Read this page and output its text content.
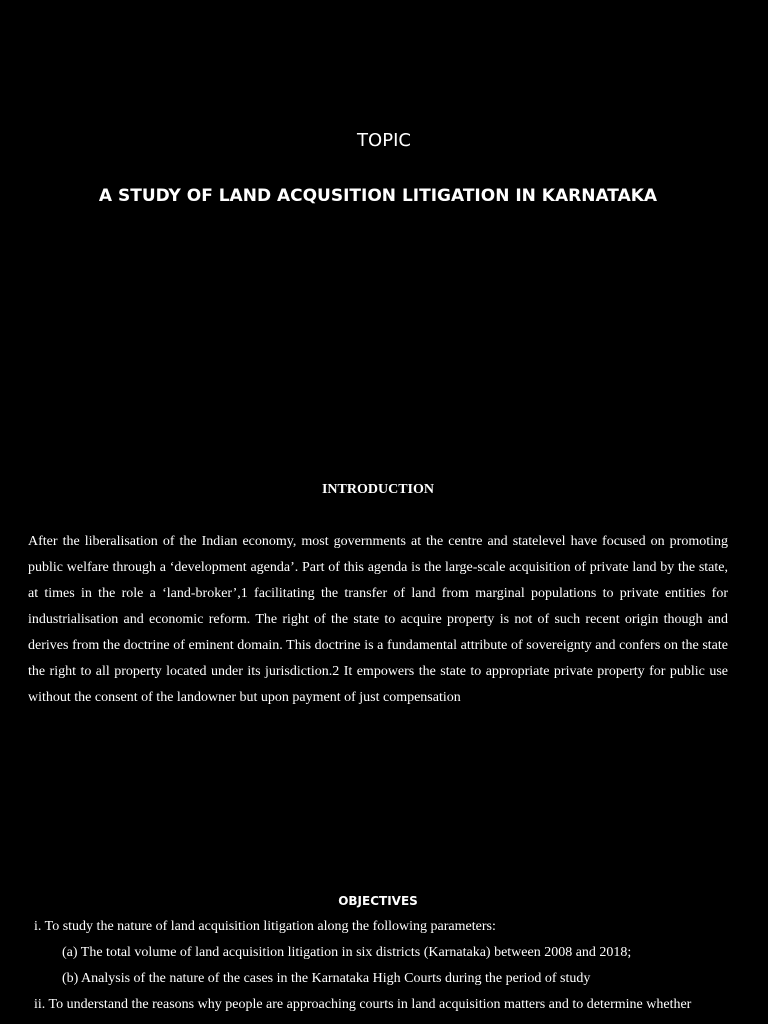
TOPIC
A STUDY OF LAND ACQUSITION LITIGATION IN KARNATAKA
INTRODUCTION

After the liberalisation of the Indian economy, most governments at the centre and statelevel have focused on promoting public welfare through a ‘development agenda’. Part of this agenda is the large-scale acquisition of private land by the state, at times in the role a ‘land-broker’,1 facilitating the transfer of land from marginal populations to private entities for industrialisation and economic reform. The right of the state to acquire property is not of such recent origin though and derives from the doctrine of eminent domain. This doctrine is a fundamental attribute of sovereignty and confers on the state the right to all property located under its jurisdiction.2 It empowers the state to appropriate private property for public use without the consent of the landowner but upon payment of just compensation

OBJECTIVES
i. To study the nature of land acquisition litigation along the following parameters:
(a) The total volume of land acquisition litigation in six districts (Karnataka) between 2008 and 2018;
(b) Analysis of the nature of the cases in the Karnataka High Courts during the period of study
ii. To understand the reasons why people are approaching courts in land acquisition matters and to determine whether
